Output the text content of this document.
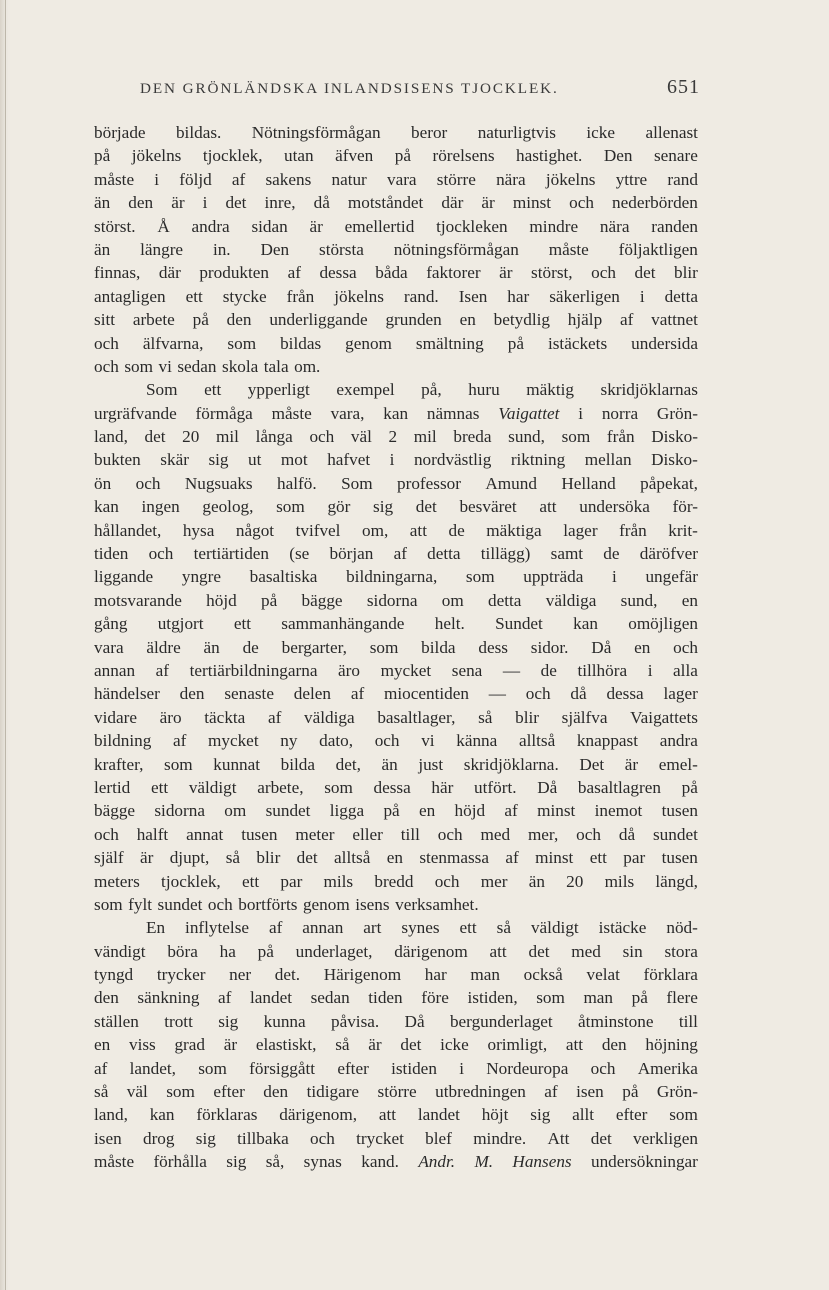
DEN GRÖNLÄNDSKA INLANDSISENS TJOCKLEK.	651
började bildas. Nötningsförmågan beror naturligtvis icke allenast
på jökelns tjocklek, utan äfven på rörelsens hastighet. Den senare
måste i följd af sakens natur vara större nära jökelns yttre rand
än den är i det inre, då motståndet där är minst och nederbörden
störst. Å andra sidan är emellertid tjockleken mindre nära randen
än längre in. Den största nötningsförmågan måste följaktligen
finnas, där produkten af dessa båda faktorer är störst, och det blir
antagligen ett stycke från jökelns rand. Isen har säkerligen i detta
sitt arbete på den underliggande grunden en betydlig hjälp af vattnet
och älfvarna, som bildas genom smältning på istäckets undersida
och som vi sedan skola tala om.
Som ett ypperligt exempel på, huru mäktig skridjöklarnas
urgräfvande förmåga måste vara, kan nämnas Vaigattet i norra Grön-
land, det 20 mil långa och väl 2 mil breda sund, som från Disko-
bukten skär sig ut mot hafvet i nordvästlig riktning mellan Disko-
ön och Nugsuaks halfö. Som professor Amund Helland påpekat,
kan ingen geolog, som gör sig det besväret att undersöka för-
hållandet, hysa något tvifvel om, att de mäktiga lager från krit-
tiden och tertiärtiden (se början af detta tillägg) samt de däröfver
liggande yngre basaltiska bildningarna, som uppträda i ungefär
motsvarande höjd på bägge sidorna om detta väldiga sund, en
gång utgjort ett sammanhängande helt. Sundet kan omöjligen
vara äldre än de bergarter, som bilda dess sidor. Då en och
annan af tertiärbildningarna äro mycket sena — de tillhöra i alla
händelser den senaste delen af miocentiden — och då dessa lager
vidare äro täckta af väldiga basaltlager, så blir själfva Vaigattets
bildning af mycket ny dato, och vi känna alltså knappast andra
krafter, som kunnat bilda det, än just skridjöklarna. Det är emel-
lertid ett väldigt arbete, som dessa här utfört. Då basaltlagren på
bägge sidorna om sundet ligga på en höjd af minst inemot tusen
och halft annat tusen meter eller till och med mer, och då sundet
själf är djupt, så blir det alltså en stenmassa af minst ett par tusen
meters tjocklek, ett par mils bredd och mer än 20 mils längd,
som fylt sundet och bortförts genom isens verksamhet.
En inflytelse af annan art synes ett så väldigt istäcke nöd-
vändigt böra ha på underlaget, därigenom att det med sin stora
tyngd trycker ner det. Härigenom har man också velat förklara
den sänkning af landet sedan tiden före istiden, som man på flere
ställen trott sig kunna påvisa. Då bergunderlaget åtminstone till
en viss grad är elastiskt, så är det icke orimligt, att den höjning
af landet, som försiggått efter istiden i Nordeuropa och Amerika
så väl som efter den tidigare större utbredningen af isen på Grön-
land, kan förklaras därigenom, att landet höjt sig allt efter som
isen drog sig tillbaka och trycket blef mindre. Att det verkligen
måste förhålla sig så, synas kand. Andr. M. Hansens undersökningar
